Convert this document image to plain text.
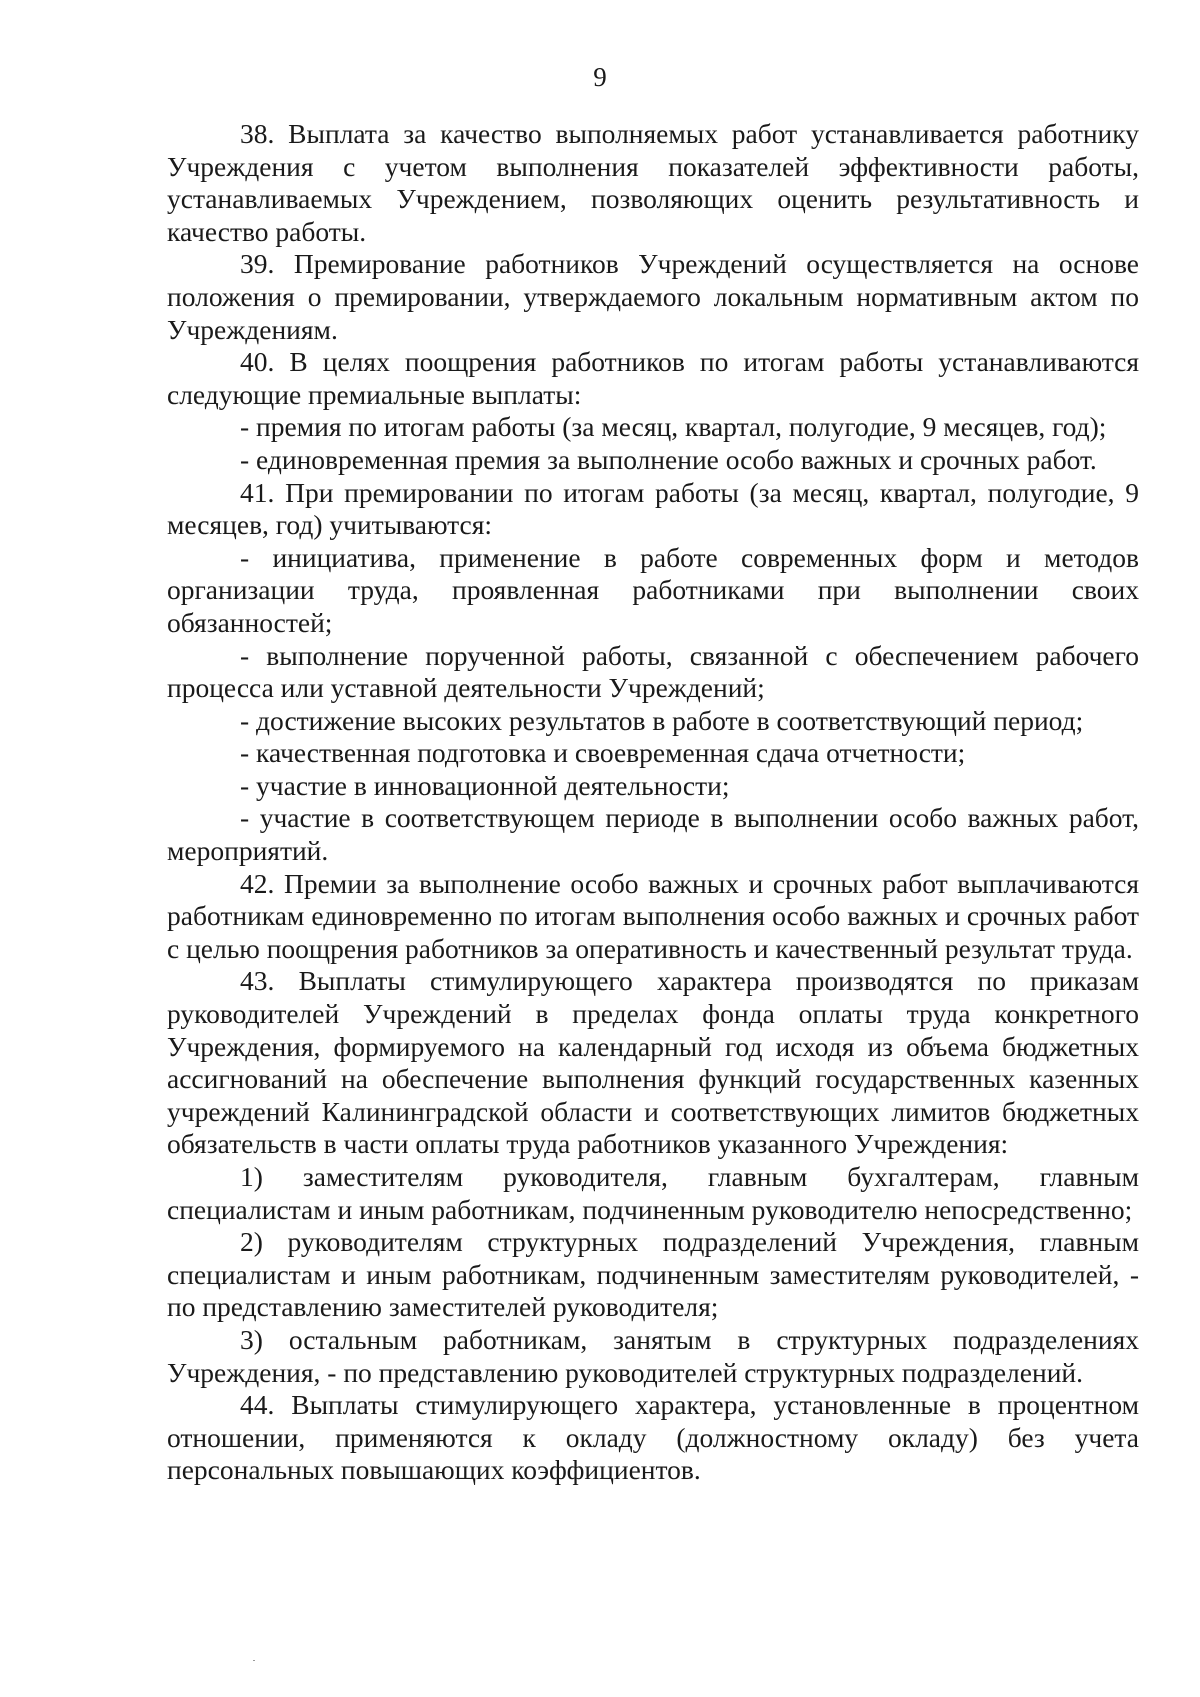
9

38. Выплата за качество выполняемых работ устанавливается работнику Учреждения с учетом выполнения показателей эффективности работы, устанавливаемых Учреждением, позволяющих оценить результативность и качество работы.

39. Премирование работников Учреждений осуществляется на основе положения о премировании, утверждаемого локальным нормативным актом по Учреждениям.

40. В целях поощрения работников по итогам работы устанавливаются следующие премиальные выплаты:

- премия по итогам работы (за месяц, квартал, полугодие, 9 месяцев, год);

- единовременная премия за выполнение особо важных и срочных работ.

41. При премировании по итогам работы (за месяц, квартал, полугодие, 9 месяцев, год) учитываются:

- инициатива, применение в работе современных форм и методов организации труда, проявленная работниками при выполнении своих обязанностей;

- выполнение порученной работы, связанной с обеспечением рабочего процесса или уставной деятельности Учреждений;

- достижение высоких результатов в работе в соответствующий период;

- качественная подготовка и своевременная сдача отчетности;

- участие в инновационной деятельности;

- участие в соответствующем периоде в выполнении особо важных работ, мероприятий.

42. Премии за выполнение особо важных и срочных работ выплачиваются работникам единовременно по итогам выполнения особо важных и срочных работ с целью поощрения работников за оперативность и качественный результат труда.

43. Выплаты стимулирующего характера производятся по приказам руководителей Учреждений в пределах фонда оплаты труда конкретного Учреждения, формируемого на календарный год исходя из объема бюджетных ассигнований на обеспечение выполнения функций государственных казенных учреждений Калининградской области и соответствующих лимитов бюджетных обязательств в части оплаты труда работников указанного Учреждения:

1) заместителям руководителя, главным бухгалтерам, главным специалистам и иным работникам, подчиненным руководителю непосредственно;

2) руководителям структурных подразделений Учреждения, главным специалистам и иным работникам, подчиненным заместителям руководителей, - по представлению заместителей руководителя;

3) остальным работникам, занятым в структурных подразделениях Учреждения, - по представлению руководителей структурных подразделений.

44. Выплаты стимулирующего характера, установленные в процентном отношении, применяются к окладу (должностному окладу) без учета персональных повышающих коэффициентов.
